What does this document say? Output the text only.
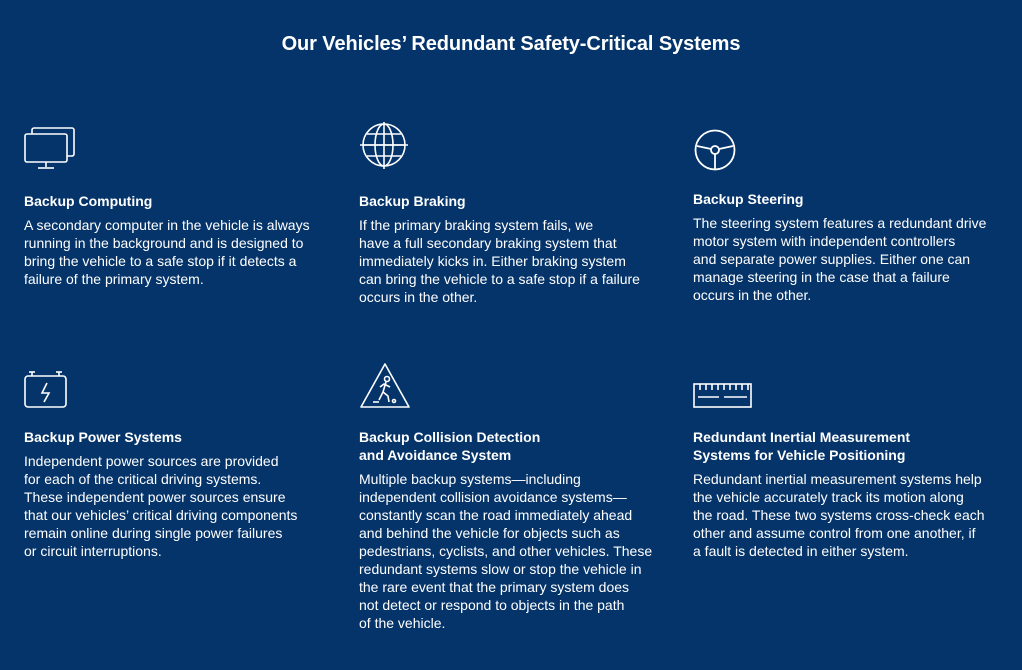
Our Vehicles’ Redundant Safety-Critical Systems
Backup Computing

A secondary computer in the vehicle is always
running in the background and is designed to
bring the vehicle to a safe stop if it detects a
failure of the primary system.

Backup Braking

If the primary braking system fails, we
have a full secondary braking system that
immediately kicks in. Either braking system
can bring the vehicle to a safe stop if a failure
occurs in the other.

Backup Steering

The steering system features a redundant drive
motor system with independent controllers
and separate power supplies. Either one can
manage steering in the case that a failure
occurs in the other.

Backup Power Systems

Independent power sources are provided
for each of the critical driving systems.
These independent power sources ensure
that our vehicles’ critical driving components
remain online during single power failures
or circuit interruptions.

Backup Collision Detection
and Avoidance System

Multiple backup systems—including
independent collision avoidance systems—
constantly scan the road immediately ahead
and behind the vehicle for objects such as
pedestrians, cyclists, and other vehicles. These
redundant systems slow or stop the vehicle in
the rare event that the primary system does
not detect or respond to objects in the path
of the vehicle.

Redundant Inertial Measurement
Systems for Vehicle Positioning

Redundant inertial measurement systems help
the vehicle accurately track its motion along
the road. These two systems cross-check each
other and assume control from one another, if
a fault is detected in either system.
